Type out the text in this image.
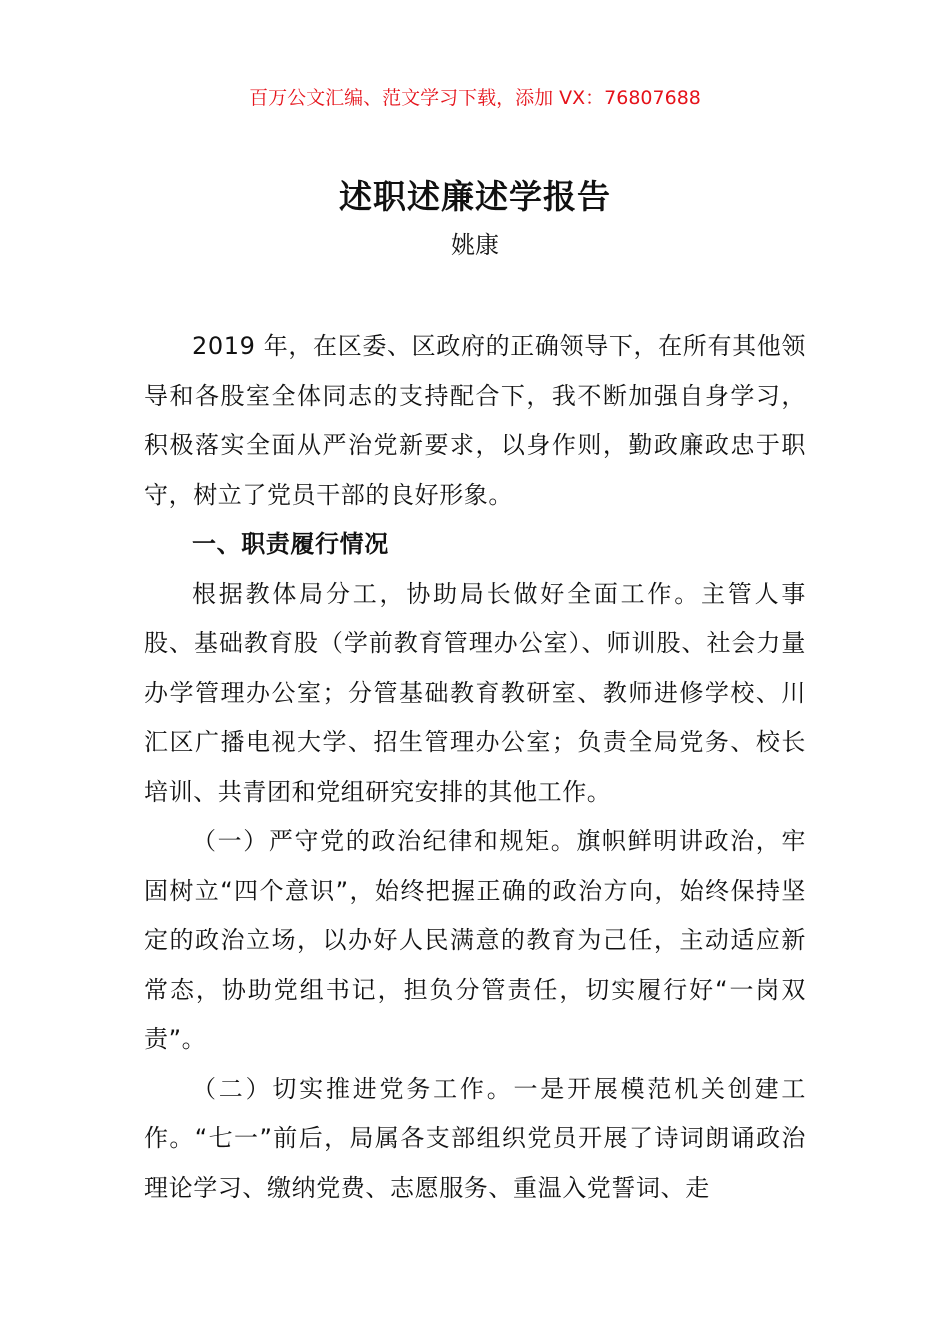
百万公文汇编、范文学习下载，添加 VX：76807688
述职述廉述学报告
姚康

2019 年，在区委、区政府的正确领导下，在所有其他领导和各股室全体同志的支持配合下，我不断加强自身学习，积极落实全面从严治党新要求，以身作则，勤政廉政忠于职守，树立了党员干部的良好形象。

一、职责履行情况

根据教体局分工，协助局长做好全面工作。主管人事股、基础教育股（学前教育管理办公室）、师训股、社会力量办学管理办公室；分管基础教育教研室、教师进修学校、川汇区广播电视大学、招生管理办公室；负责全局党务、校长培训、共青团和党组研究安排的其他工作。

（一）严守党的政治纪律和规矩。旗帜鲜明讲政治，牢固树立“四个意识”，始终把握正确的政治方向，始终保持坚定的政治立场，以办好人民满意的教育为己任，主动适应新常态，协助党组书记，担负分管责任，切实履行好“一岗双责”。

（二）切实推进党务工作。一是开展模范机关创建工作。“七一”前后，局属各支部组织党员开展了诗词朗诵政治理论学习、缴纳党费、志愿服务、重温入党誓词、走
